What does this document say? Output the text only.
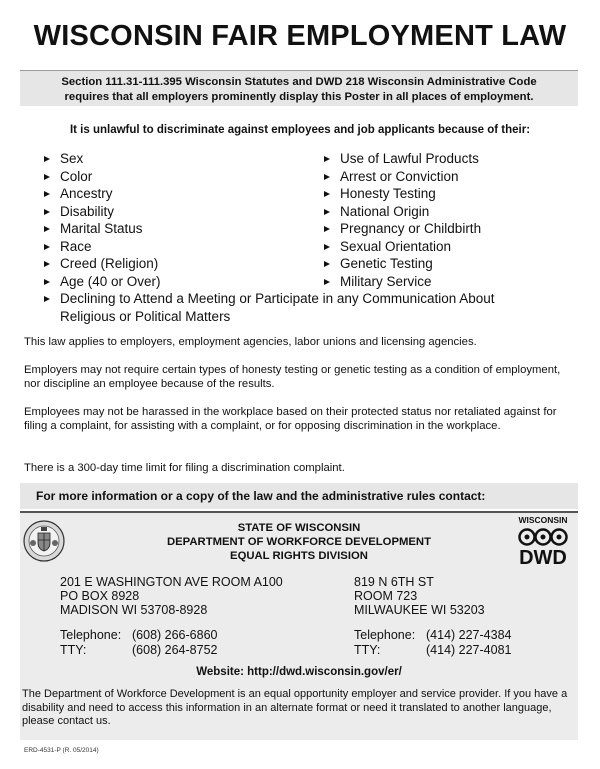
WISCONSIN FAIR EMPLOYMENT LAW
Section 111.31-111.395 Wisconsin Statutes and DWD 218 Wisconsin Administrative Code
requires that all employers prominently display this Poster in all places of employment.
It is unlawful to discriminate against employees and job applicants because of their:
Sex
Color
Ancestry
Disability
Marital Status
Race
Creed (Religion)
Age (40 or Over)
Use of Lawful Products
Arrest or Conviction
Honesty Testing
National Origin
Pregnancy or Childbirth
Sexual Orientation
Genetic Testing
Military Service
Declining to Attend a Meeting or Participate in any Communication About
Religious or Political Matters
This law applies to employers, employment agencies, labor unions and licensing agencies.
Employers may not require certain types of honesty testing or genetic testing as a condition of employment, nor discipline an employee because of the results.
Employees may not be harassed in the workplace based on their protected status nor retaliated against for filing a complaint, for assisting with a complaint, or for opposing discrimination in the workplace.
There is a 300-day time limit for filing a discrimination complaint.
For more information or a copy of the law and the administrative rules contact:
STATE OF WISCONSIN
DEPARTMENT OF WORKFORCE DEVELOPMENT
EQUAL RIGHTS DIVISION
WISCONSIN
DWD
201 E WASHINGTON AVE ROOM A100
PO BOX 8928
MADISON WI 53708-8928
819 N 6TH ST
ROOM 723
MILWAUKEE WI 53203
Telephone: (608) 266-6860
TTY:	(608) 264-8752
Telephone: (414) 227-4384
TTY:	(414) 227-4081
Website: http://dwd.wisconsin.gov/er/
The Department of Workforce Development is an equal opportunity employer and service provider. If you have a disability and need to access this information in an alternate format or need it translated to another language, please contact us.
ERD-4531-P (R. 05/2014)
